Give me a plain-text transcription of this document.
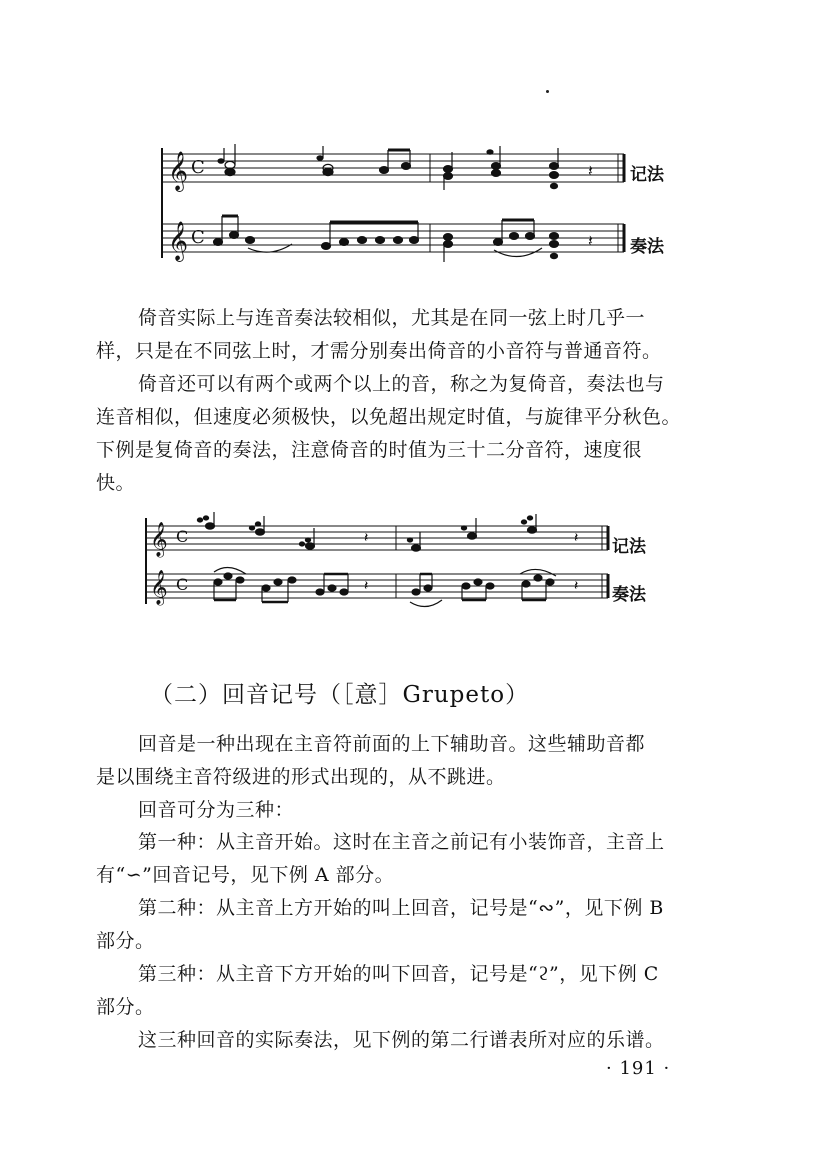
𝄞
𝄞
C
C
𝄽
𝄽
记法
奏法
倚音实际上与连音奏法较相似，尤其是在同一弦上时几乎一
样，只是在不同弦上时，才需分别奏出倚音的小音符与普通音符。
倚音还可以有两个或两个以上的音，称之为复倚音，奏法也与
连音相似，但速度必须极快，以免超出规定时值，与旋律平分秋色。
下例是复倚音的奏法，注意倚音的时值为三十二分音符，速度很
快。
𝄞
𝄞
C
C
𝄽	𝄽
𝄽	𝄽
记法
奏法
（二）回音记号（［意］Grupeto）
回音是一种出现在主音符前面的上下辅助音。这些辅助音都
是以围绕主音符级进的形式出现的，从不跳进。
回音可分为三种：
第一种：从主音开始。这时在主音之前记有小装饰音，主音上
有“∽”回音记号，见下例 A 部分。
第二种：从主音上方开始的叫上回音，记号是“∾”，见下例 B
部分。
第三种：从主音下方开始的叫下回音，记号是“ϩ”，见下例 C
部分。
这三种回音的实际奏法，见下例的第二行谱表所对应的乐谱。
· 191 ·
